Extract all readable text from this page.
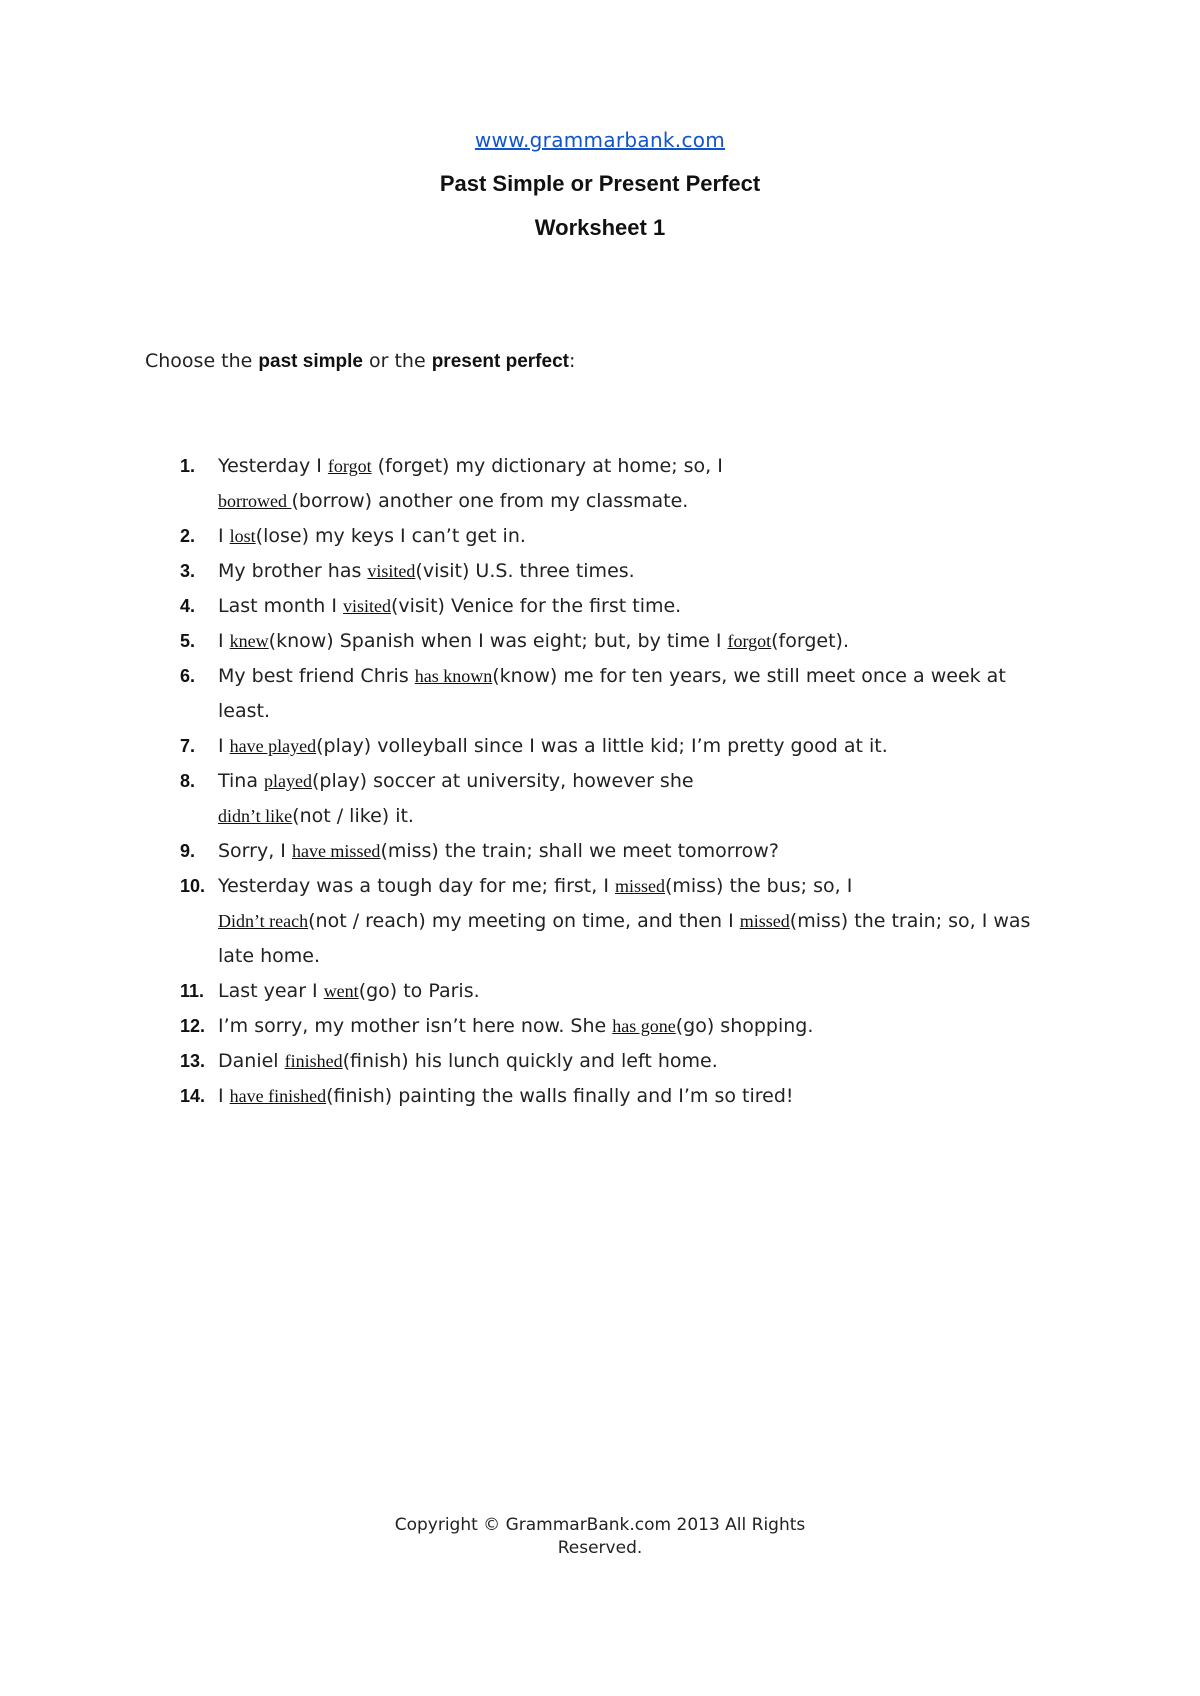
www.grammarbank.com
Past Simple or Present Perfect
Worksheet 1
Choose the past simple or the present perfect:
1. Yesterday I forgot (forget) my dictionary at home; so, I
borrowed (borrow) another one from my classmate.
2. I lost(lose) my keys I can’t get in.
3. My brother has visited(visit) U.S. three times.
4. Last month I visited(visit) Venice for the first time.
5. I knew(know) Spanish when I was eight; but, by time I forgot(forget).
6. My best friend Chris has known(know) me for ten years, we still meet once a week at least.
7. I have played(play) volleyball since I was a little kid; I’m pretty good at it.
8. Tina played(play) soccer at university, however she
didn’t like(not / like) it.
9. Sorry, I have missed(miss) the train; shall we meet tomorrow?
10. Yesterday was a tough day for me; first, I missed(miss) the bus; so, I
Didn’t reach(not / reach) my meeting on time, and then I missed(miss) the train; so, I was late home.
11. Last year I went(go) to Paris.
12. I’m sorry, my mother isn’t here now. She has gone(go) shopping.
13. Daniel finished(finish) his lunch quickly and left home.
14. I have finished(finish) painting the walls finally and I’m so tired!
Copyright © GrammarBank.com 2013 All Rights
Reserved.
